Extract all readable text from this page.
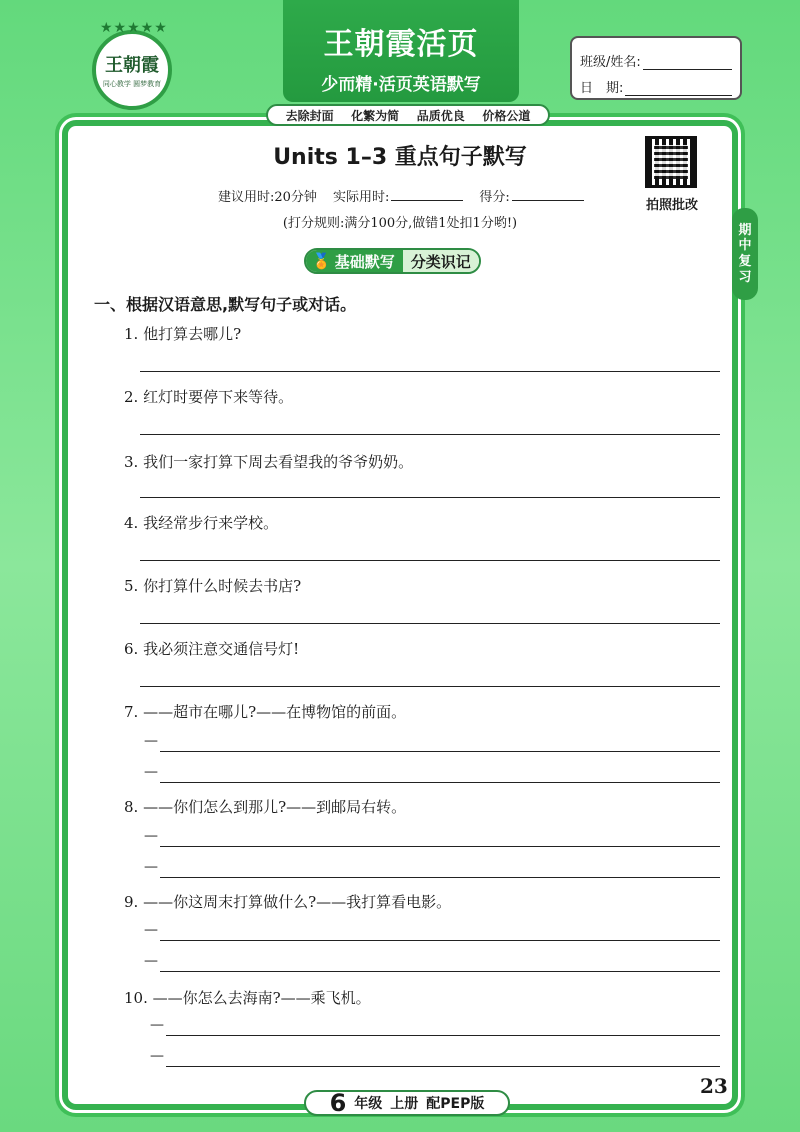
★★★★★
王朝霞
同心教学 圆梦教育
王朝霞活页
少而精·活页英语默写
去除封面 化繁为简 品质优良 价格公道
班级/姓名:
日　期:
期中复习
Units 1–3 重点句子默写
拍照批改
建议用时:20分钟 实际用时:	得分:
(打分规则:满分100分,做错1处扣1分哟!)
🏅 基础默写 分类识记
一、根据汉语意思,默写句子或对话。
1. 他打算去哪儿?
2. 红灯时要停下来等待。
3. 我们一家打算下周去看望我的爷爷奶奶。
4. 我经常步行来学校。
5. 你打算什么时候去书店?
6. 我必须注意交通信号灯!
7. ——超市在哪儿?——在博物馆的前面。
—
—
8. ——你们怎么到那儿?——到邮局右转。
—
—
9. ——你这周末打算做什么?——我打算看电影。
—
—
10. ——你怎么去海南?——乘飞机。
—
—
6 年级 上册 配PEP版
23
